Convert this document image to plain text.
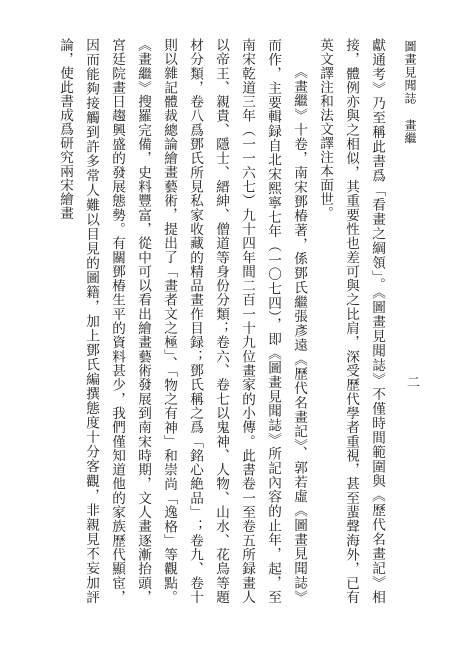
圖畫見聞誌畫繼

獻通考》乃至稱此書爲「看畫之綱領」。《圖畫見聞誌》不僅時間範圍與《歷代名畫記》相接，體例亦與之相似，其重要性也差可與之比肩，深受歷代學者重視，甚至蜚聲海外，已有英文譯注和法文譯注本面世。

《畫繼》十卷，南宋鄧椿著，係鄧氏繼張彥遠《歷代名畫記》、郭若虛《圖畫見聞誌》而作，主要輯録自北宋熙寧七年（一〇七四），即《圖畫見聞誌》所記內容的止年，起，至南宋乾道三年（一一六七）九十四年間二百一十九位畫家的小傳。此書卷一至卷五所録畫人以帝王、親貴、隱士、縉紳、僧道等身份分類；卷六、卷七以鬼神、人物、山水、花鳥等題材分類，卷八爲鄧氏所見私家收藏的精品畫作目録；鄧氏稱之爲「銘心絶品」；卷九、卷十則以雜記體裁總論繪畫藝術，提出了「畫者文之極」、「物之有神」和崇尚「逸格」等觀點。《畫繼》搜羅完備，史料豐富，從中可以看出繪畫藝術發展到南宋時期，文人畫逐漸抬頭，宮廷院畫日趨興盛的發展態勢。有關鄧椿生平的資料甚少，我們僅知道他的家族歷代顯宦，因而能夠接觸到許多常人難以目見的圖籍，加上鄧氏編撰態度十分客觀，非親見不妄加評論，使此書成爲研究兩宋繪畫

二
